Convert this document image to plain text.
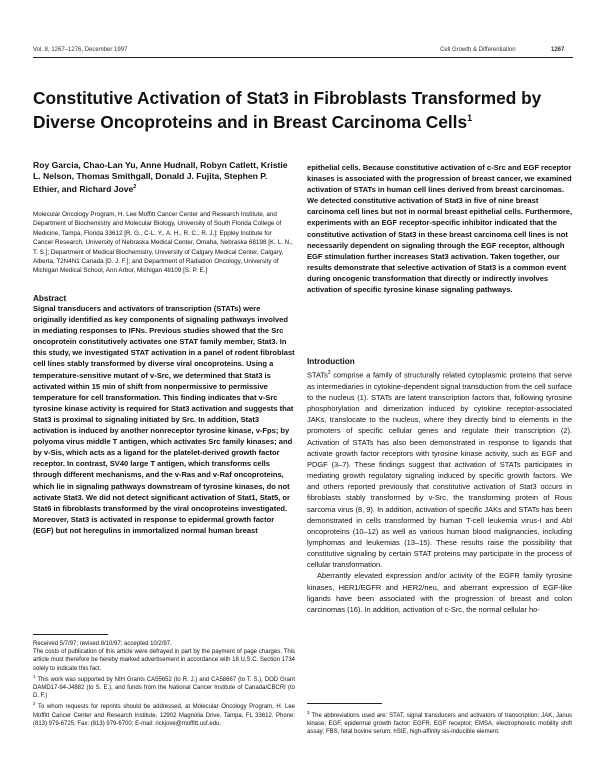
Vol. 8, 1267–1276, December 1997	Cell Growth & Differentiation	1267
Constitutive Activation of Stat3 in Fibroblasts Transformed by Diverse Oncoproteins and in Breast Carcinoma Cells$^1$
Roy Garcia, Chao-Lan Yu, Anne Hudnall, Robyn Catlett, Kristie L. Nelson, Thomas Smithgall, Donald J. Fujita, Stephen P. Ethier, and Richard Jove$^2$
Molecular Oncology Program, H. Lee Moffitt Cancer Center and Research Institute, and Department of Biochemistry and Molecular Biology, University of South Florida College of Medicine, Tampa, Florida 33612 [R. G., C-L. Y., A. H., R. C., R. J.]; Eppley Institute for Cancer Research, University of Nebraska Medical Center, Omaha, Nebraska 68198 [K. L. N., T. S.]; Department of Medical Biochemistry, University of Calgary Medical Center, Calgary, Alberta, T2N4N1 Canada [D. J. F.]; and Department of Radiation Oncology, University of Michigan Medical School, Ann Arbor, Michigan 48109 [S. P. E.]
Abstract
Signal transducers and activators of transcription (STATs) were originally identified as key components of signaling pathways involved in mediating responses to IFNs. Previous studies showed that the Src oncoprotein constitutively activates one STAT family member, Stat3. In this study, we investigated STAT activation in a panel of rodent fibroblast cell lines stably transformed by diverse viral oncoproteins. Using a temperature-sensitive mutant of v-Src, we determined that Stat3 is activated within 15 min of shift from nonpermissive to permissive temperature for cell transformation. This finding indicates that v-Src tyrosine kinase activity is required for Stat3 activation and suggests that Stat3 is proximal to signaling initiated by Src. In addition, Stat3 activation is induced by another nonreceptor tyrosine kinase, v-Fps; by polyoma virus middle T antigen, which activates Src family kinases; and by v-Sis, which acts as a ligand for the platelet-derived growth factor receptor. In contrast, SV40 large T antigen, which transforms cells through different mechanisms, and the v-Ras and v-Raf oncoproteins, which lie in signaling pathways downstream of tyrosine kinases, do not activate Stat3. We did not detect significant activation of Stat1, Stat5, or Stat6 in fibroblasts transformed by the viral oncoproteins investigated. Moreover, Stat3 is activated in response to epidermal growth factor (EGF) but not heregulins in immortalized normal human breast
epithelial cells. Because constitutive activation of c-Src and EGF receptor kinases is associated with the progression of breast cancer, we examined activation of STATs in human cell lines derived from breast carcinomas. We detected constitutive activation of Stat3 in five of nine breast carcinoma cell lines but not in normal breast epithelial cells. Furthermore, experiments with an EGF receptor-specific inhibitor indicated that the constitutive activation of Stat3 in these breast carcinoma cell lines is not necessarily dependent on signaling through the EGF receptor, although EGF stimulation further increases Stat3 activation. Taken together, our results demonstrate that selective activation of Stat3 is a common event during oncogenic transformation that directly or indirectly involves activation of specific tyrosine kinase signaling pathways.
Introduction

STATs$^3$ comprise a family of structurally related cytoplasmic proteins that serve as intermediaries in cytokine-dependent signal transduction from the cell surface to the nucleus (1). STATs are latent transcription factors that, following tyrosine phosphorylation and dimerization induced by cytokine receptor-associated JAKs, translocate to the nucleus, where they directly bind to elements in the promoters of specific cellular genes and regulate their transcription (2). Activation of STATs has also been demonstrated in response to ligands that activate growth factor receptors with tyrosine kinase activity, such as EGF and PDGF (3–7). These findings suggest that activation of STATs participates in mediating growth regulatory signaling induced by specific growth factors. We and others reported previously that constitutive activation of Stat3 occurs in fibroblasts stably transformed by v-Src, the transforming protein of Rous sarcoma virus (8, 9). In addition, activation of specific JAKs and STATs has been demonstrated in cells transformed by human T-cell leukemia virus-I and Abl oncoproteins (10–12) as well as various human blood malignancies, including lymphomas and leukemias (13–15). These results raise the possibility that constitutive signaling by certain STAT proteins may participate in the process of cellular transformation.

Aberrantly elevated expression and/or activity of the EGFR family tyrosine kinases, HER1/EGFR and HER2/neu, and aberrant expression of EGF-like ligands have been associated with the progression of breast and colon carcinomas (16). In addition, activation of c-Src, the normal cellular ho-

Received 5/7/97; revised 8/10/97; accepted 10/2/97.

The costs of publication of this article were defrayed in part by the payment of page charges. This article must therefore be hereby marked advertisement in accordance with 18 U.S.C. Section 1734 solely to indicate this fact.

$^1$ This work was supported by NIH Grants CA55652 (to R. J.) and CA58667 (to T. S.), DOD Grant DAMD17-94-J4882 (to S. E.), and funds from the National Cancer Institute of Canada/CBCRI (to D. F.)

$^2$ To whom requests for reprints should be addressed, at Molecular Oncology Program, H. Lee Moffitt Cancer Center and Research Institute, 12902 Magnolia Drive, Tampa, FL 33612. Phone: (813) 979-6725; Fax: (813) 979-6700; E-mail: rickjove@moffitt.usf.edu.

$^3$ The abbreviations used are: STAT, signal transducers and activators of transcription; JAK, Janus kinase; EGF, epidermal growth factor; EGFR, EGF receptor; EMSA, electrophoretic mobility shift assay; FBS, fetal bovine serum; hSIE, high-affinity sis-inducible element.
